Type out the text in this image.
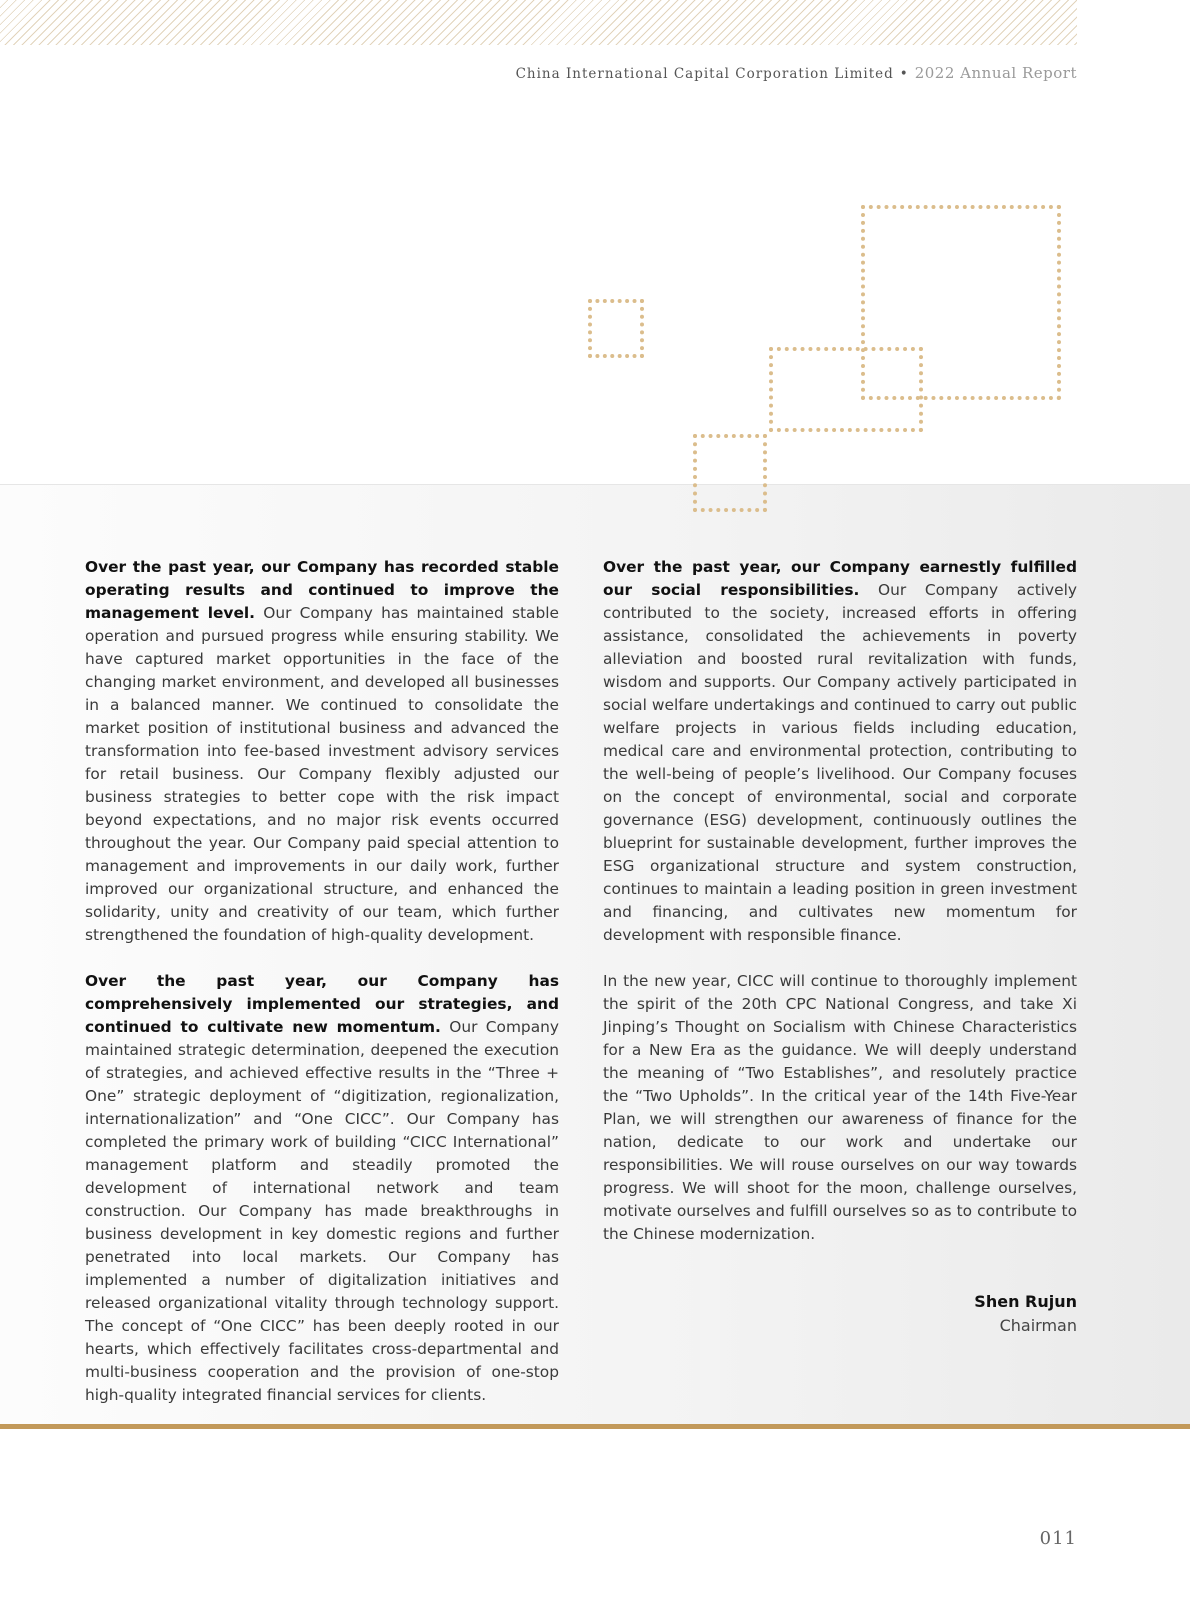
China International Capital Corporation Limited • 2022 Annual Report

Over the past year, our Company has recorded stable operating results and continued to improve the management level. Our Company has maintained stable operation and pursued progress while ensuring stability. We have captured market opportunities in the face of the changing market environment, and developed all businesses in a balanced manner. We continued to consolidate the market position of institutional business and advanced the transformation into fee-based investment advisory services for retail business. Our Company flexibly adjusted our business strategies to better cope with the risk impact beyond expectations, and no major risk events occurred throughout the year. Our Company paid special attention to management and improvements in our daily work, further improved our organizational structure, and enhanced the solidarity, unity and creativity of our team, which further strengthened the foundation of high-quality development.

Over the past year, our Company has comprehensively implemented our strategies, and continued to cultivate new momentum. Our Company maintained strategic determination, deepened the execution of strategies, and achieved effective results in the “Three + One” strategic deployment of “digitization, regionalization, internationalization” and “One CICC”. Our Company has completed the primary work of building “CICC International” management platform and steadily promoted the development of international network and team construction. Our Company has made breakthroughs in business development in key domestic regions and further penetrated into local markets. Our Company has implemented a number of digitalization initiatives and released organizational vitality through technology support. The concept of “One CICC” has been deeply rooted in our hearts, which effectively facilitates cross-departmental and multi-business cooperation and the provision of one-stop high-quality integrated financial services for clients.

Over the past year, our Company earnestly fulfilled our social responsibilities. Our Company actively contributed to the society, increased efforts in offering assistance, consolidated the achievements in poverty alleviation and boosted rural revitalization with funds, wisdom and supports. Our Company actively participated in social welfare undertakings and continued to carry out public welfare projects in various fields including education, medical care and environmental protection, contributing to the well-being of people’s livelihood. Our Company focuses on the concept of environmental, social and corporate governance (ESG) development, continuously outlines the blueprint for sustainable development, further improves the ESG organizational structure and system construction, continues to maintain a leading position in green investment and financing, and cultivates new momentum for development with responsible finance.

In the new year, CICC will continue to thoroughly implement the spirit of the 20th CPC National Congress, and take Xi Jinping’s Thought on Socialism with Chinese Characteristics for a New Era as the guidance. We will deeply understand the meaning of “Two Establishes”, and resolutely practice the “Two Upholds”. In the critical year of the 14th Five-Year Plan, we will strengthen our awareness of finance for the nation, dedicate to our work and undertake our responsibilities. We will rouse ourselves on our way towards progress. We will shoot for the moon, challenge ourselves, motivate ourselves and fulfill ourselves so as to contribute to the Chinese modernization.

Shen Rujun
Chairman
011
